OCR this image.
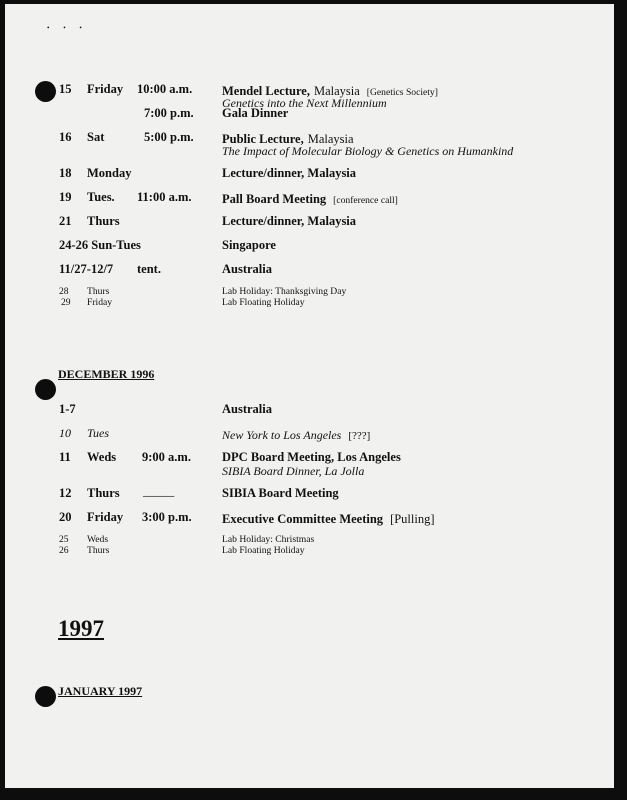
• • •
15 Friday 10:00 a.m. Mendel Lecture, Malaysia [Genetics Society]
Genetics into the Next Millennium
7:00 p.m. Gala Dinner
16 Sat	5:00 p.m. Public Lecture, Malaysia
The Impact of Molecular Biology & Genetics on Humankind
18 Monday	Lecture/dinner, Malaysia
19 Tues. 11:00 a.m. Pall Board Meeting [conference call]
21 Thurs	Lecture/dinner, Malaysia
24-26 Sun-Tues	Singapore
11/27-12/7 tent.	Australia
28 Thurs	Lab Holiday: Thanksgiving Day
29 Friday	Lab Floating Holiday
DECEMBER 1996
1-7	Australia
10 Tues	New York to Los Angeles [???]
11 Weds 9:00 a.m. DPC Board Meeting, Los Angeles
SIBIA Board Dinner, La Jolla
12 Thurs _____	SIBIA Board Meeting
20 Friday 3:00 p.m. Executive Committee Meeting [Pulling]
25 Weds	Lab Holiday: Christmas
26 Thurs	Lab Floating Holiday
1997
JANUARY 1997
